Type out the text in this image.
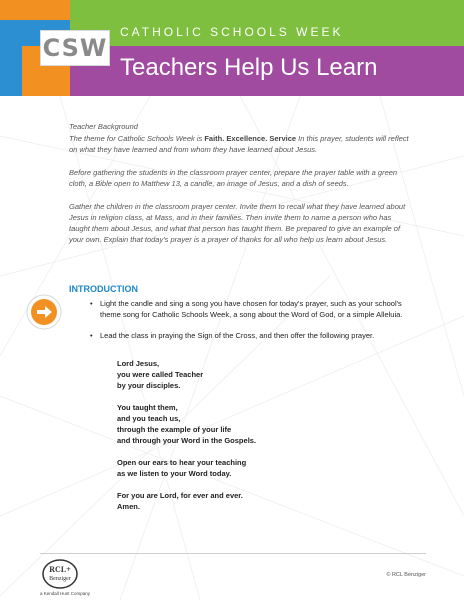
CSW
CATHOLIC SCHOOLS WEEK
Teachers Help Us Learn
Teacher Background

The theme for Catholic Schools Week is Faith. Excellence. Service In this prayer, students will reflect on what they have learned and from whom they have learned about Jesus.

Before gathering the students in the classroom prayer center, prepare the prayer table with a green cloth, a Bible open to Matthew 13, a candle, an image of Jesus, and a dish of seeds.

Gather the children in the classroom prayer center. Invite them to recall what they have learned about Jesus in religion class, at Mass, and in their families. Then invite them to name a person who has taught them about Jesus, and what that person has taught them. Be prepared to give an example of your own. Explain that today's prayer is a prayer of thanks for all who help us learn about Jesus.

INTRODUCTION

• Light the candle and sing a song you have chosen for today's prayer, such as your school's theme song for Catholic Schools Week, a song about the Word of God, or a simple Alleluia.

• Lead the class in praying the Sign of the Cross, and then offer the following prayer.

Lord Jesus,
you were called Teacher
by your disciples.
You taught them,
and you teach us,
through the example of your life
and through your Word in the Gospels.
Open our ears to hear your teaching
as we listen to your Word today.
For you are Lord, for ever and ever.
Amen.
RCL+
Benziger
a Kendall Hunt Company
© RCL Benziger
